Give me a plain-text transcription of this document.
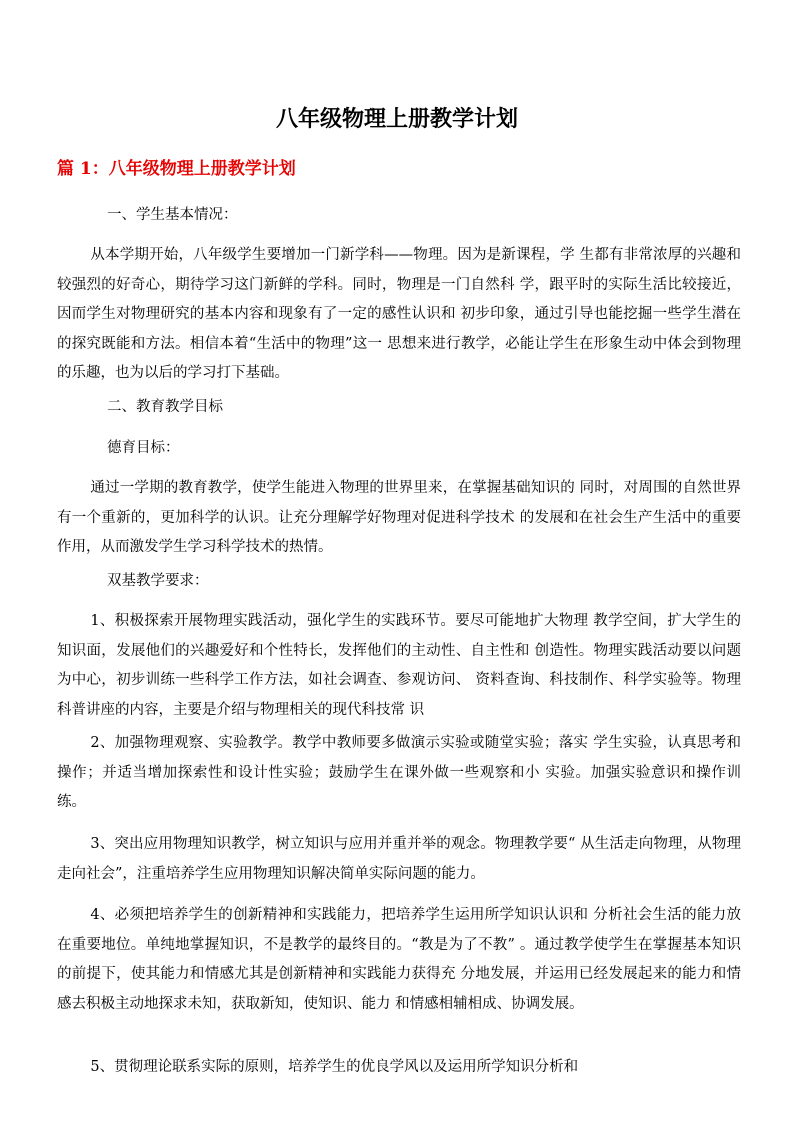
八年级物理上册教学计划
篇 1：八年级物理上册教学计划

一、学生基本情况：

从本学期开始，八年级学生要增加一门新学科——物理。因为是新课程，学 生都有非常浓厚的兴趣和较强烈的好奇心，期待学习这门新鲜的学科。同时，物理是一门自然科 学，跟平时的实际生活比较接近，因而学生对物理研究的基本内容和现象有了一定的感性认识和 初步印象，通过引导也能挖掘一些学生潜在的探究既能和方法。相信本着“生活中的物理”这一 思想来进行教学，必能让学生在形象生动中体会到物理的乐趣，也为以后的学习打下基础。

二、教育教学目标

德育目标：

通过一学期的教育教学，使学生能进入物理的世界里来，在掌握基础知识的 同时，对周围的自然世界有一个重新的，更加科学的认识。让充分理解学好物理对促进科学技术 的发展和在社会生产生活中的重要作用，从而激发学生学习科学技术的热情。

双基教学要求：

1、积极探索开展物理实践活动，强化学生的实践环节。要尽可能地扩大物理 教学空间，扩大学生的知识面，发展他们的兴趣爱好和个性特长，发挥他们的主动性、自主性和 创造性。物理实践活动要以问题为中心，初步训练一些科学工作方法，如社会调查、参观访问、 资料查询、科技制作、科学实验等。物理科普讲座的内容，主要是介绍与物理相关的现代科技常 识

2、加强物理观察、实验教学。教学中教师要多做演示实验或随堂实验；落实 学生实验，认真思考和操作；并适当增加探索性和设计性实验；鼓励学生在课外做一些观察和小 实验。加强实验意识和操作训练。

3、突出应用物理知识教学，树立知识与应用并重并举的观念。物理教学要“ 从生活走向物理，从物理走向社会”，注重培养学生应用物理知识解决简单实际问题的能力。

4、必须把培养学生的创新精神和实践能力，把培养学生运用所学知识认识和 分析社会生活的能力放在重要地位。单纯地掌握知识，不是教学的最终目的。“教是为了不教” 。通过教学使学生在掌握基本知识的前提下，使其能力和情感尤其是创新精神和实践能力获得充 分地发展，并运用已经发展起来的能力和情感去积极主动地探求未知，获取新知，使知识、能力 和情感相辅相成、协调发展。

5、贯彻理论联系实际的原则，培养学生的优良学风以及运用所学知识分析和
